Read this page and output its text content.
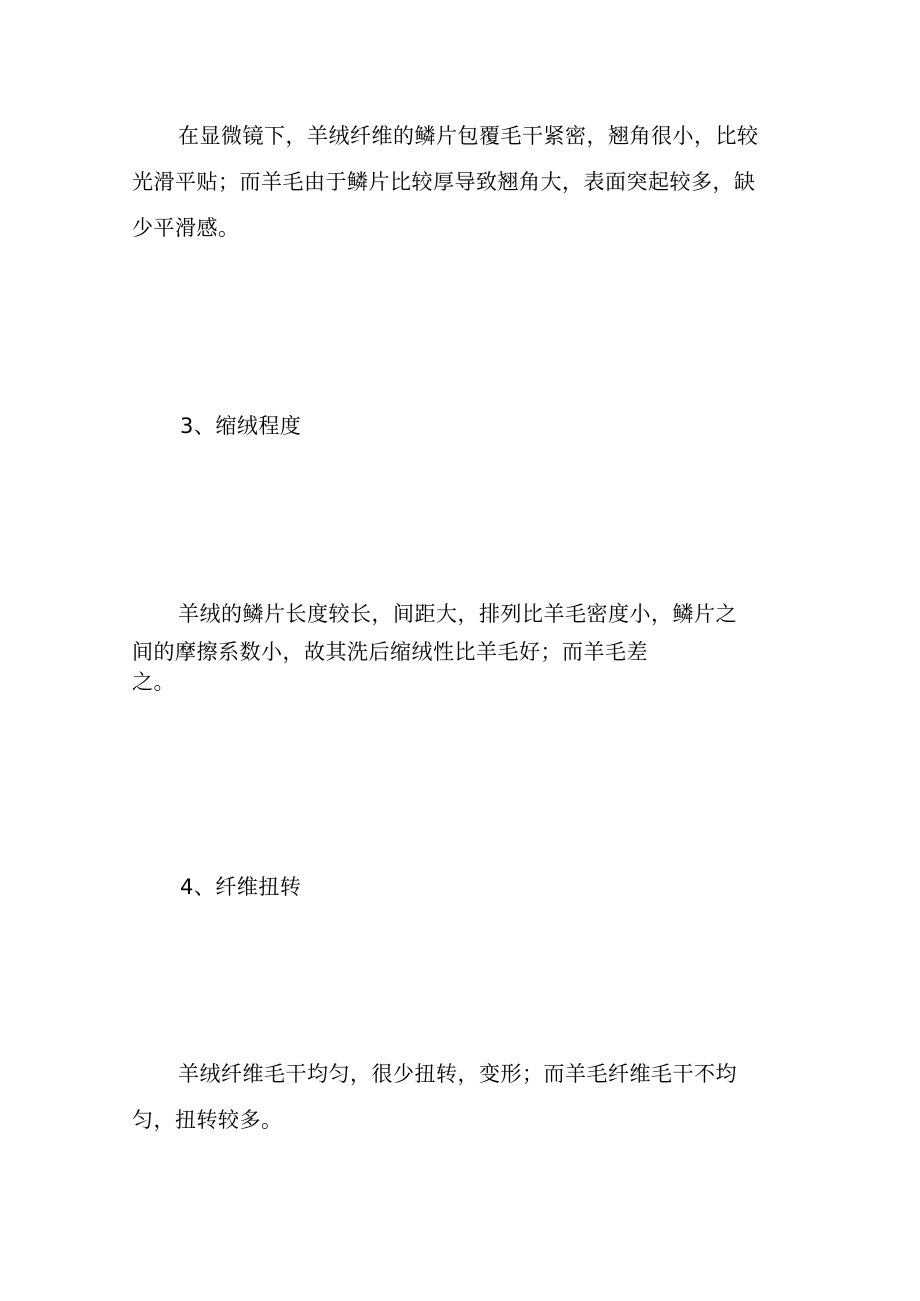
在显微镜下，羊绒纤维的鳞片包覆毛干紧密，翘角很小，比较
光滑平贴；而羊毛由于鳞片比较厚导致翘角大，表面突起较多，缺
少平滑感。
3、缩绒程度
羊绒的鳞片长度较长，间距大，排列比羊毛密度小，鳞片之
间的摩擦系数小，故其洗后缩绒性比羊毛好；而羊毛差
之。
4、纤维扭转
羊绒纤维毛干均匀，很少扭转，变形；而羊毛纤维毛干不均
匀，扭转较多。
